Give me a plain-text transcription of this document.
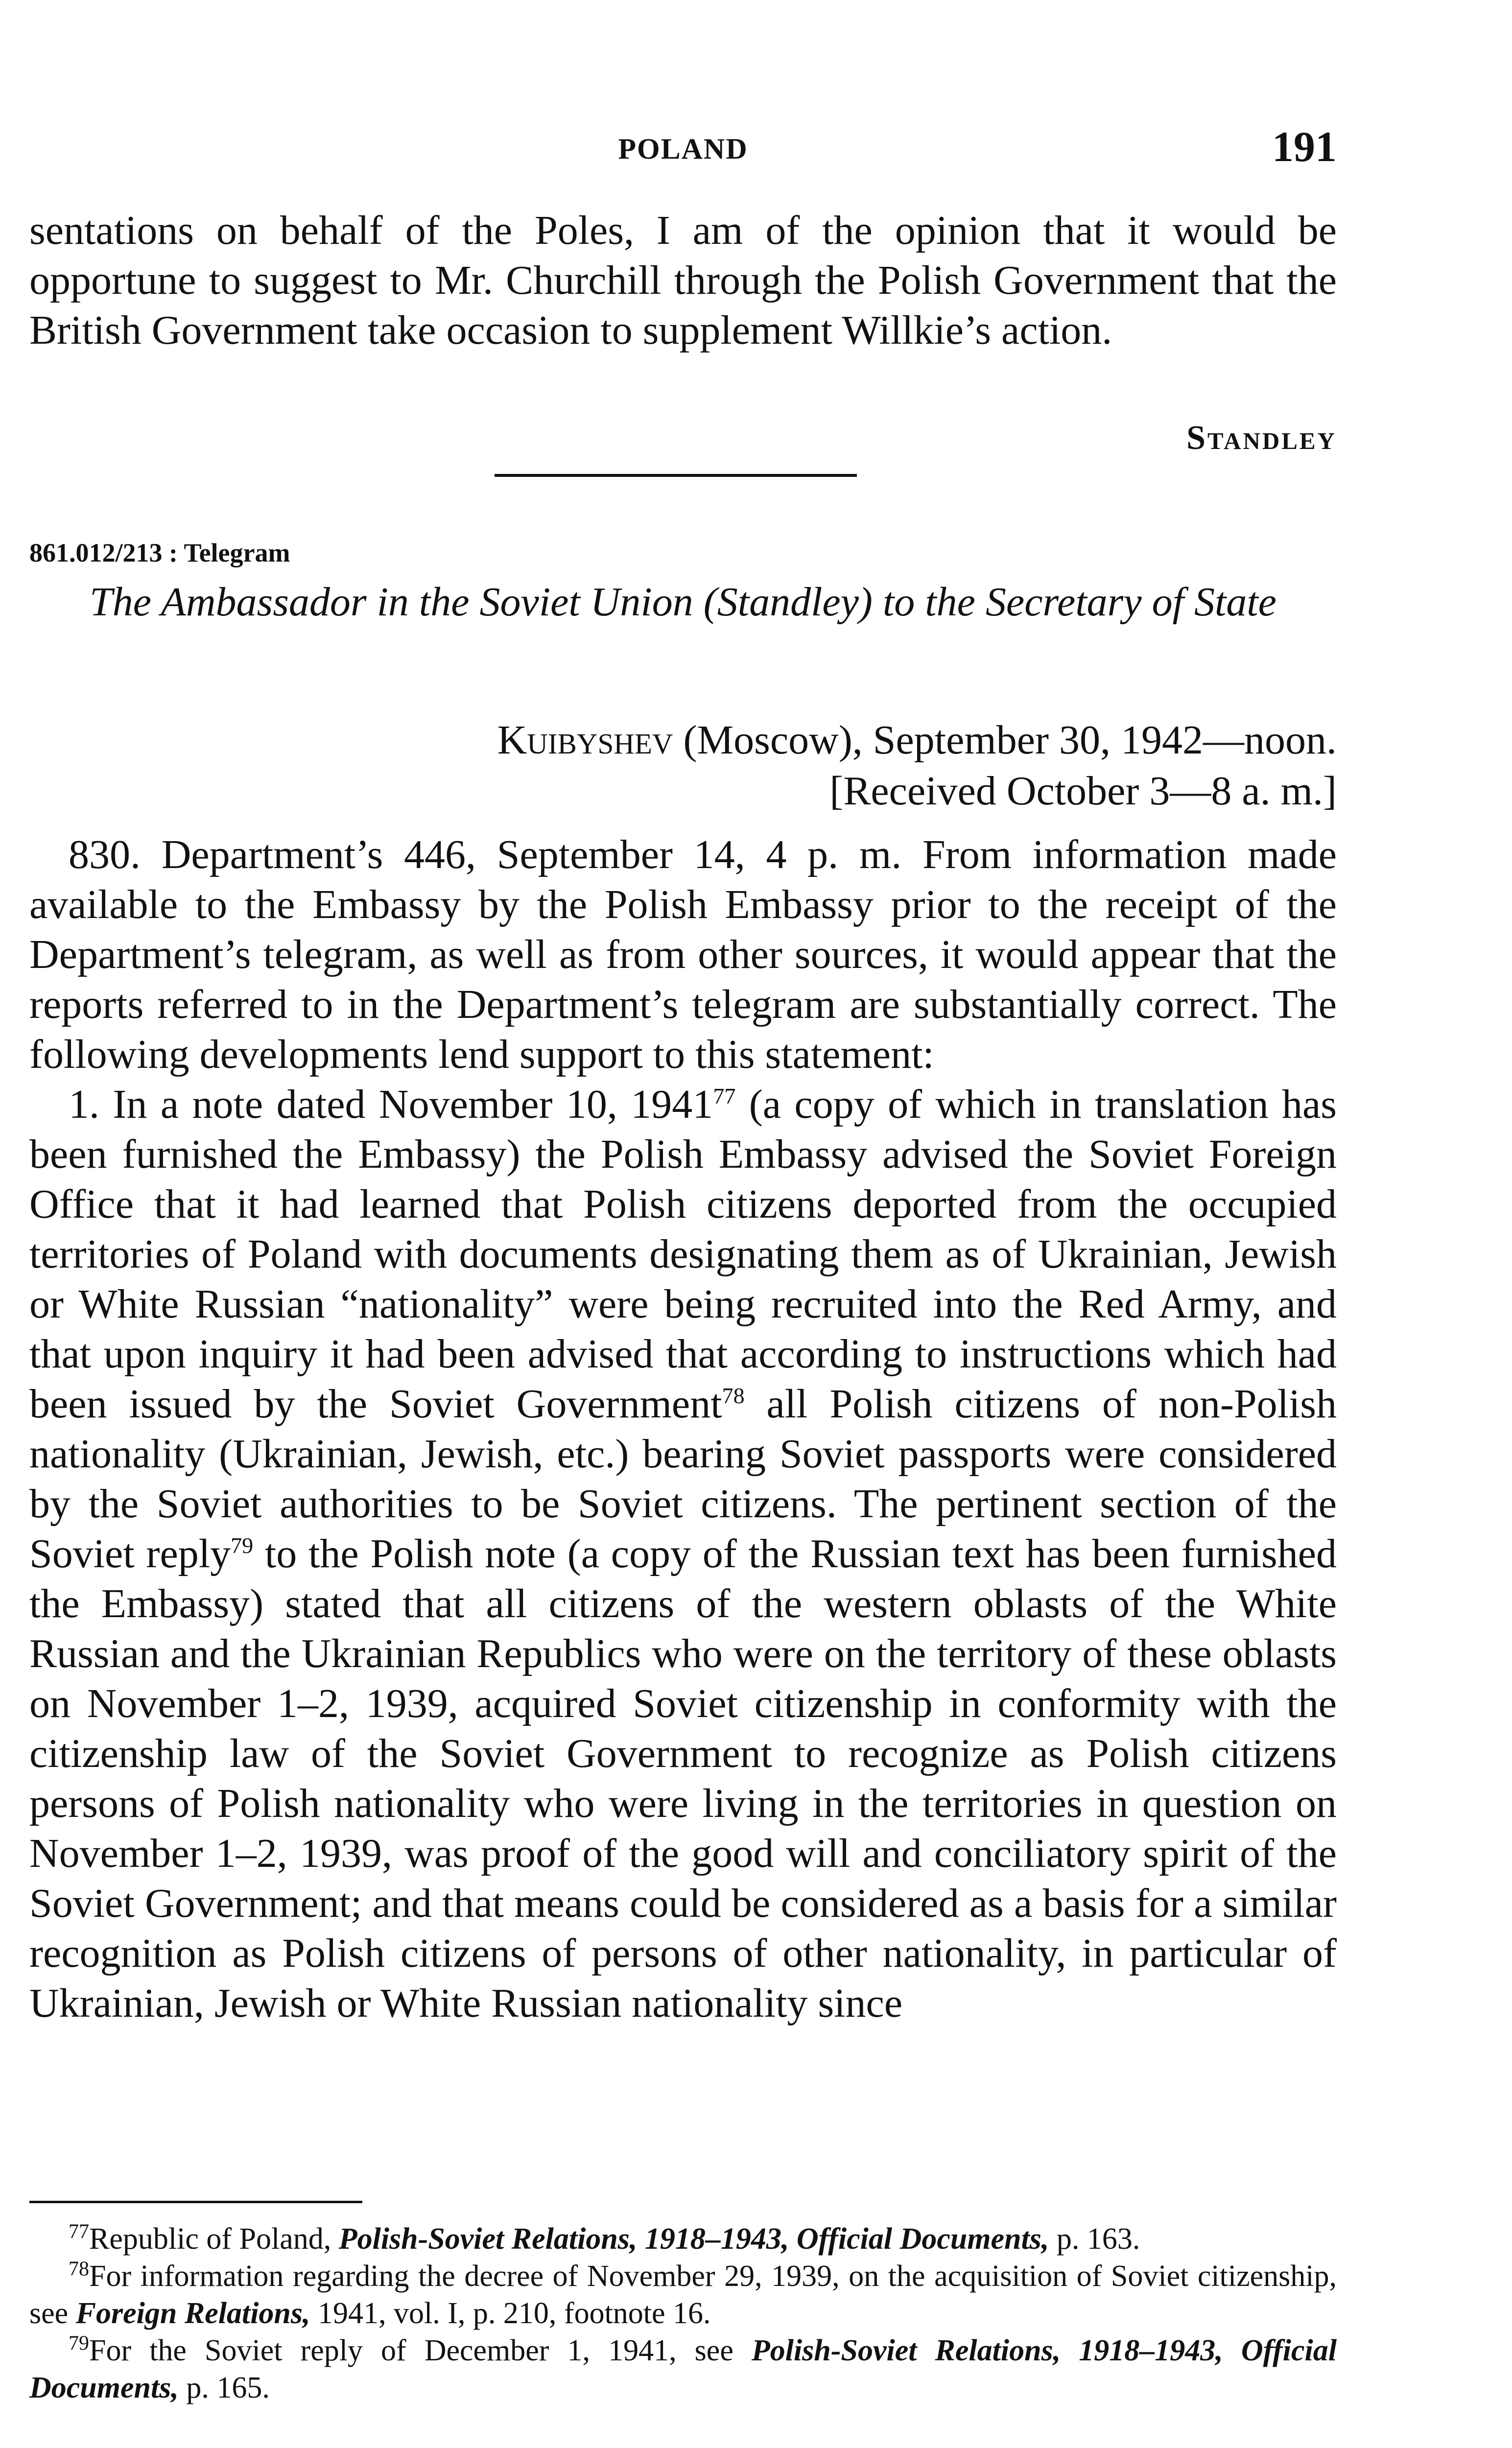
POLAND	191

sentations on behalf of the Poles, I am of the opinion that it would be opportune to suggest to Mr. Churchill through the Polish Government that the British Government take occasion to supplement Willkie’s action.

Standley
861.012/213 : Telegram
The Ambassador in the Soviet Union (Standley) to the Secretary of State
Kuibyshev (Moscow), September 30, 1942—noon.
[Received October 3—8 a. m.]

830. Department’s 446, September 14, 4 p. m. From information made available to the Embassy by the Polish Embassy prior to the receipt of the Department’s telegram, as well as from other sources, it would appear that the reports referred to in the Department’s telegram are substantially correct. The following developments lend support to this statement:

1. In a note dated November 10, 1941$^{77}$ (a copy of which in translation has been furnished the Embassy) the Polish Embassy advised the Soviet Foreign Office that it had learned that Polish citizens deported from the occupied territories of Poland with documents designating them as of Ukrainian, Jewish or White Russian “nationality” were being recruited into the Red Army, and that upon inquiry it had been advised that according to instructions which had been issued by the Soviet Government$^{78}$ all Polish citizens of non-Polish nationality (Ukrainian, Jewish, etc.) bearing Soviet passports were considered by the Soviet authorities to be Soviet citizens. The pertinent section of the Soviet reply$^{79}$ to the Polish note (a copy of the Russian text has been furnished the Embassy) stated that all citizens of the western oblasts of the White Russian and the Ukrainian Republics who were on the territory of these oblasts on November 1–2, 1939, acquired Soviet citizenship in conformity with the citizenship law of the Soviet Government to recognize as Polish citizens persons of Polish nationality who were living in the territories in question on November 1–2, 1939, was proof of the good will and conciliatory spirit of the Soviet Government; and that means could be considered as a basis for a similar recognition as Polish citizens of persons of other nationality, in particular of Ukrainian, Jewish or White Russian nationality since

$^{77}$Republic of Poland, Polish-Soviet Relations, 1918–1943, Official Documents, p. 163.

$^{78}$For information regarding the decree of November 29, 1939, on the acquisition of Soviet citizenship, see Foreign Relations, 1941, vol. I, p. 210, footnote 16.

$^{79}$For the Soviet reply of December 1, 1941, see Polish-Soviet Relations, 1918–1943, Official Documents, p. 165.
